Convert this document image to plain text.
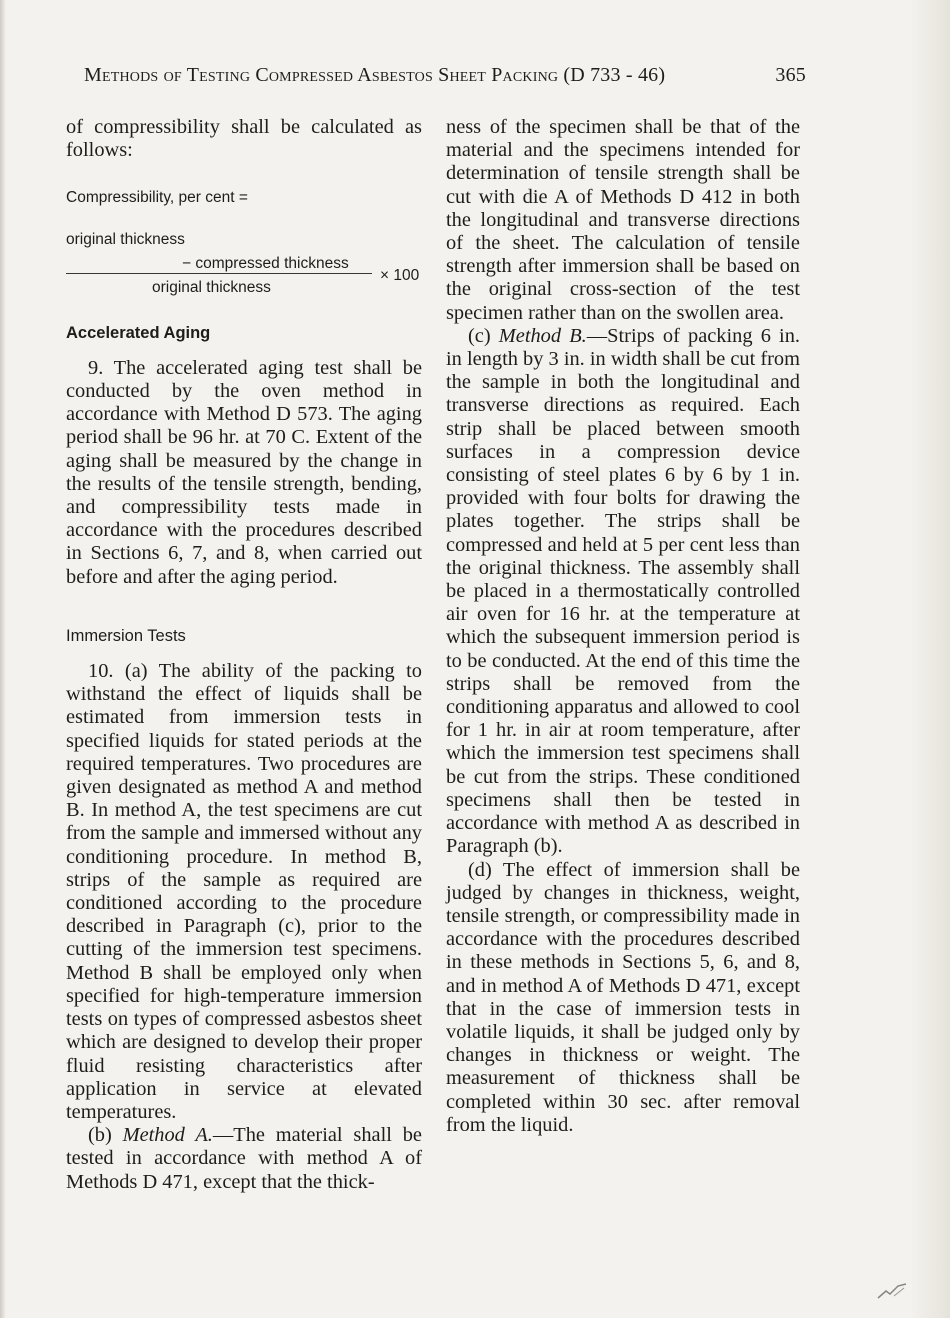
Methods of Testing Compressed Asbestos Sheet Packing (D 733 - 46)	365

of compressibility shall be calculated as follows:

Compressibility, per cent =
original thickness
− compressed thickness
original thickness
× 100
Accelerated Aging

9. The accelerated aging test shall be conducted by the oven method in accordance with Method D 573. The aging period shall be 96 hr. at 70 C. Extent of the aging shall be measured by the change in the results of the tensile strength, bending, and compressibility tests made in accordance with the procedures described in Sections 6, 7, and 8, when carried out before and after the aging period.

Immersion Tests

10. (a) The ability of the packing to withstand the effect of liquids shall be estimated from immersion tests in specified liquids for stated periods at the required temperatures. Two procedures are given designated as method A and method B. In method A, the test specimens are cut from the sample and immersed without any conditioning procedure. In method B, strips of the sample as required are conditioned according to the procedure described in Paragraph (c), prior to the cutting of the immersion test specimens. Method B shall be employed only when specified for high-temperature immersion tests on types of compressed asbestos sheet which are designed to develop their proper fluid resisting characteristics after application in service at elevated temperatures.

(b) Method A.—The material shall be tested in accordance with method A of Methods D 471, except that the thick-

ness of the specimen shall be that of the material and the specimens intended for determination of tensile strength shall be cut with die A of Methods D 412 in both the longitudinal and transverse directions of the sheet. The calculation of tensile strength after immersion shall be based on the original cross-section of the test specimen rather than on the swollen area.

(c) Method B.—Strips of packing 6 in. in length by 3 in. in width shall be cut from the sample in both the longitudinal and transverse directions as required. Each strip shall be placed between smooth surfaces in a compression device consisting of steel plates 6 by 6 by 1 in. provided with four bolts for drawing the plates together. The strips shall be compressed and held at 5 per cent less than the original thickness. The assembly shall be placed in a thermostatically controlled air oven for 16 hr. at the temperature at which the subsequent immersion period is to be conducted. At the end of this time the strips shall be removed from the conditioning apparatus and allowed to cool for 1 hr. in air at room temperature, after which the immersion test specimens shall be cut from the strips. These conditioned specimens shall then be tested in accordance with method A as described in Paragraph (b).

(d) The effect of immersion shall be judged by changes in thickness, weight, tensile strength, or compressibility made in accordance with the procedures described in these methods in Sections 5, 6, and 8, and in method A of Methods D 471, except that in the case of immersion tests in volatile liquids, it shall be judged only by changes in thickness or weight. The measurement of thickness shall be completed within 30 sec. after removal from the liquid.
